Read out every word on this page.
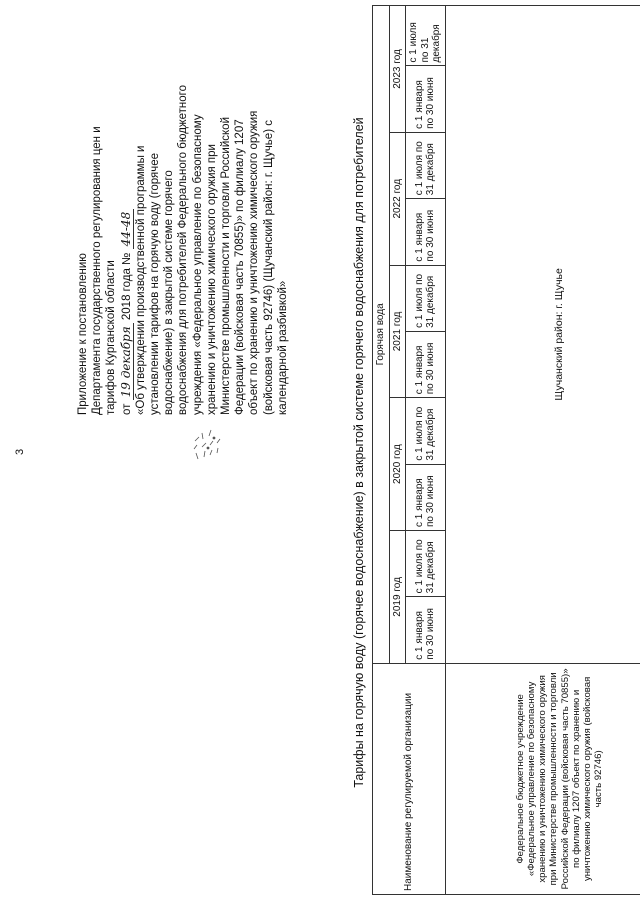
3
Приложение к постановлению Департамента государственного регулирования цен и тарифов Курганской области от 19 декабря 2018 года № 44-48 «Об утверждении производственной программы и установлении тарифов на горячую воду (горячее водоснабжение) в закрытой системе горячего водоснабжения для потребителей Федерального бюджетного учреждения «Федеральное управление по безопасному хранению и уничтожению химического оружия при Министерстве промышленности и торговли Российской Федерации (войсковая часть 70855)» по филиалу 1207 объект по хранению и уничтожению химического оружия (войсковая часть 92746) (Щучанский район: г. Щучье) с календарной разбивкой»	Тарифы на горячую воду (горячее водоснабжение) в закрытой системе горячего водоснабжения для потребителей
Наименование регулируемой организации	Горячая вода									
	2019 год		2020 год		2021 год		2022 год		2023 год	
	с 1 января по 30 июня	с 1 июля по 31 декабря	с 1 января по 30 июня	с 1 июля по 31 декабря	с 1 января по 30 июня	с 1 июля по 31 декабря	с 1 января по 30 июня	с 1 июля по 31 декабря	с 1 января по 30 июня	с 1 июля по 31 декабря
Федеральное бюджетное учреждение «Федеральное управление по безопасному хранению и уничтожению химического оружия при Министерстве промышленности и торговли Российской Федерации (войсковая часть 70855)» по филиалу 1207 объект по хранению и уничтожению химического оружия (войсковая часть 92746)	Щучанский район: г. Щучье									
